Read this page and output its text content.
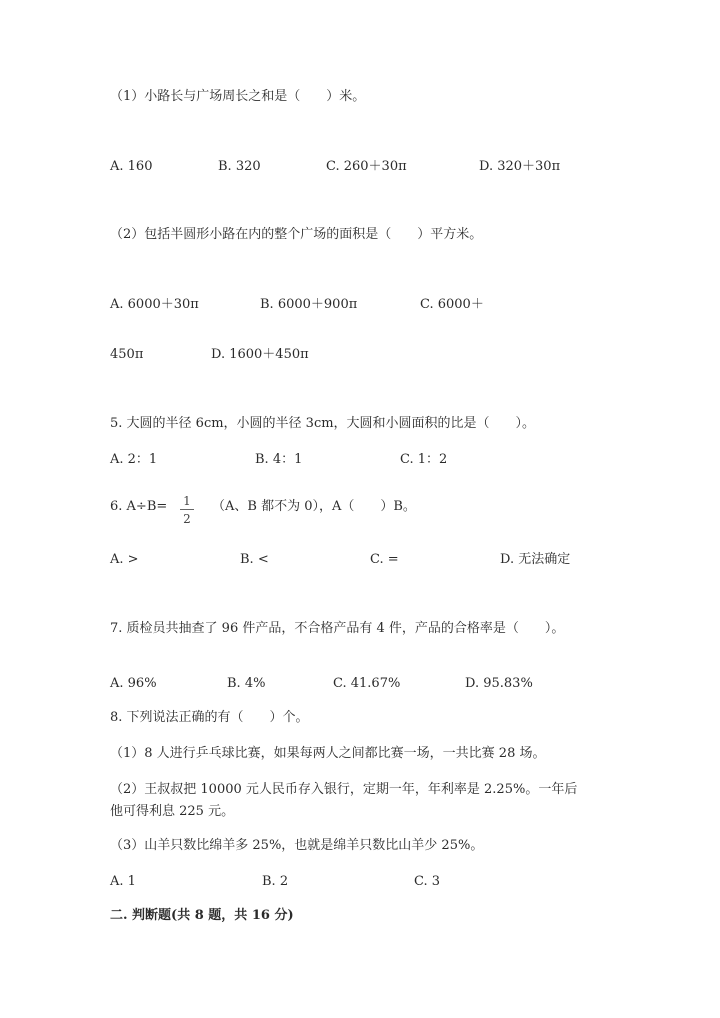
（1）小路长与广场周长之和是（　　）米。
A. 160	B. 320	C. 260＋30π	D. 320＋30π
（2）包括半圆形小路在内的整个广场的面积是（　　）平方米。
A. 6000＋30π	B. 6000＋900π	C. 6000＋
450π	D. 1600＋450π
5. 大圆的半径 6cm，小圆的半径 3cm，大圆和小圆面积的比是（　　）。
A. 2：1	B. 4：1	C. 1：2
6. A÷B= 1
2
（A、B 都不为 0），A（　　）B。
A. >	B. <	C. =	D. 无法确定
7. 质检员共抽查了 96 件产品，不合格产品有 4 件，产品的合格率是（　　）。
A. 96%	B. 4%	C. 41.67%	D. 95.83%
8. 下列说法正确的有（　　）个。
（1）8 人进行乒乓球比赛，如果每两人之间都比赛一场，一共比赛 28 场。
（2）王叔叔把 10000 元人民币存入银行，定期一年，年利率是 2.25%。一年后
他可得利息 225 元。
（3）山羊只数比绵羊多 25%，也就是绵羊只数比山羊少 25%。
A. 1	B. 2	C. 3
二. 判断题(共 8 题，共 16 分)
